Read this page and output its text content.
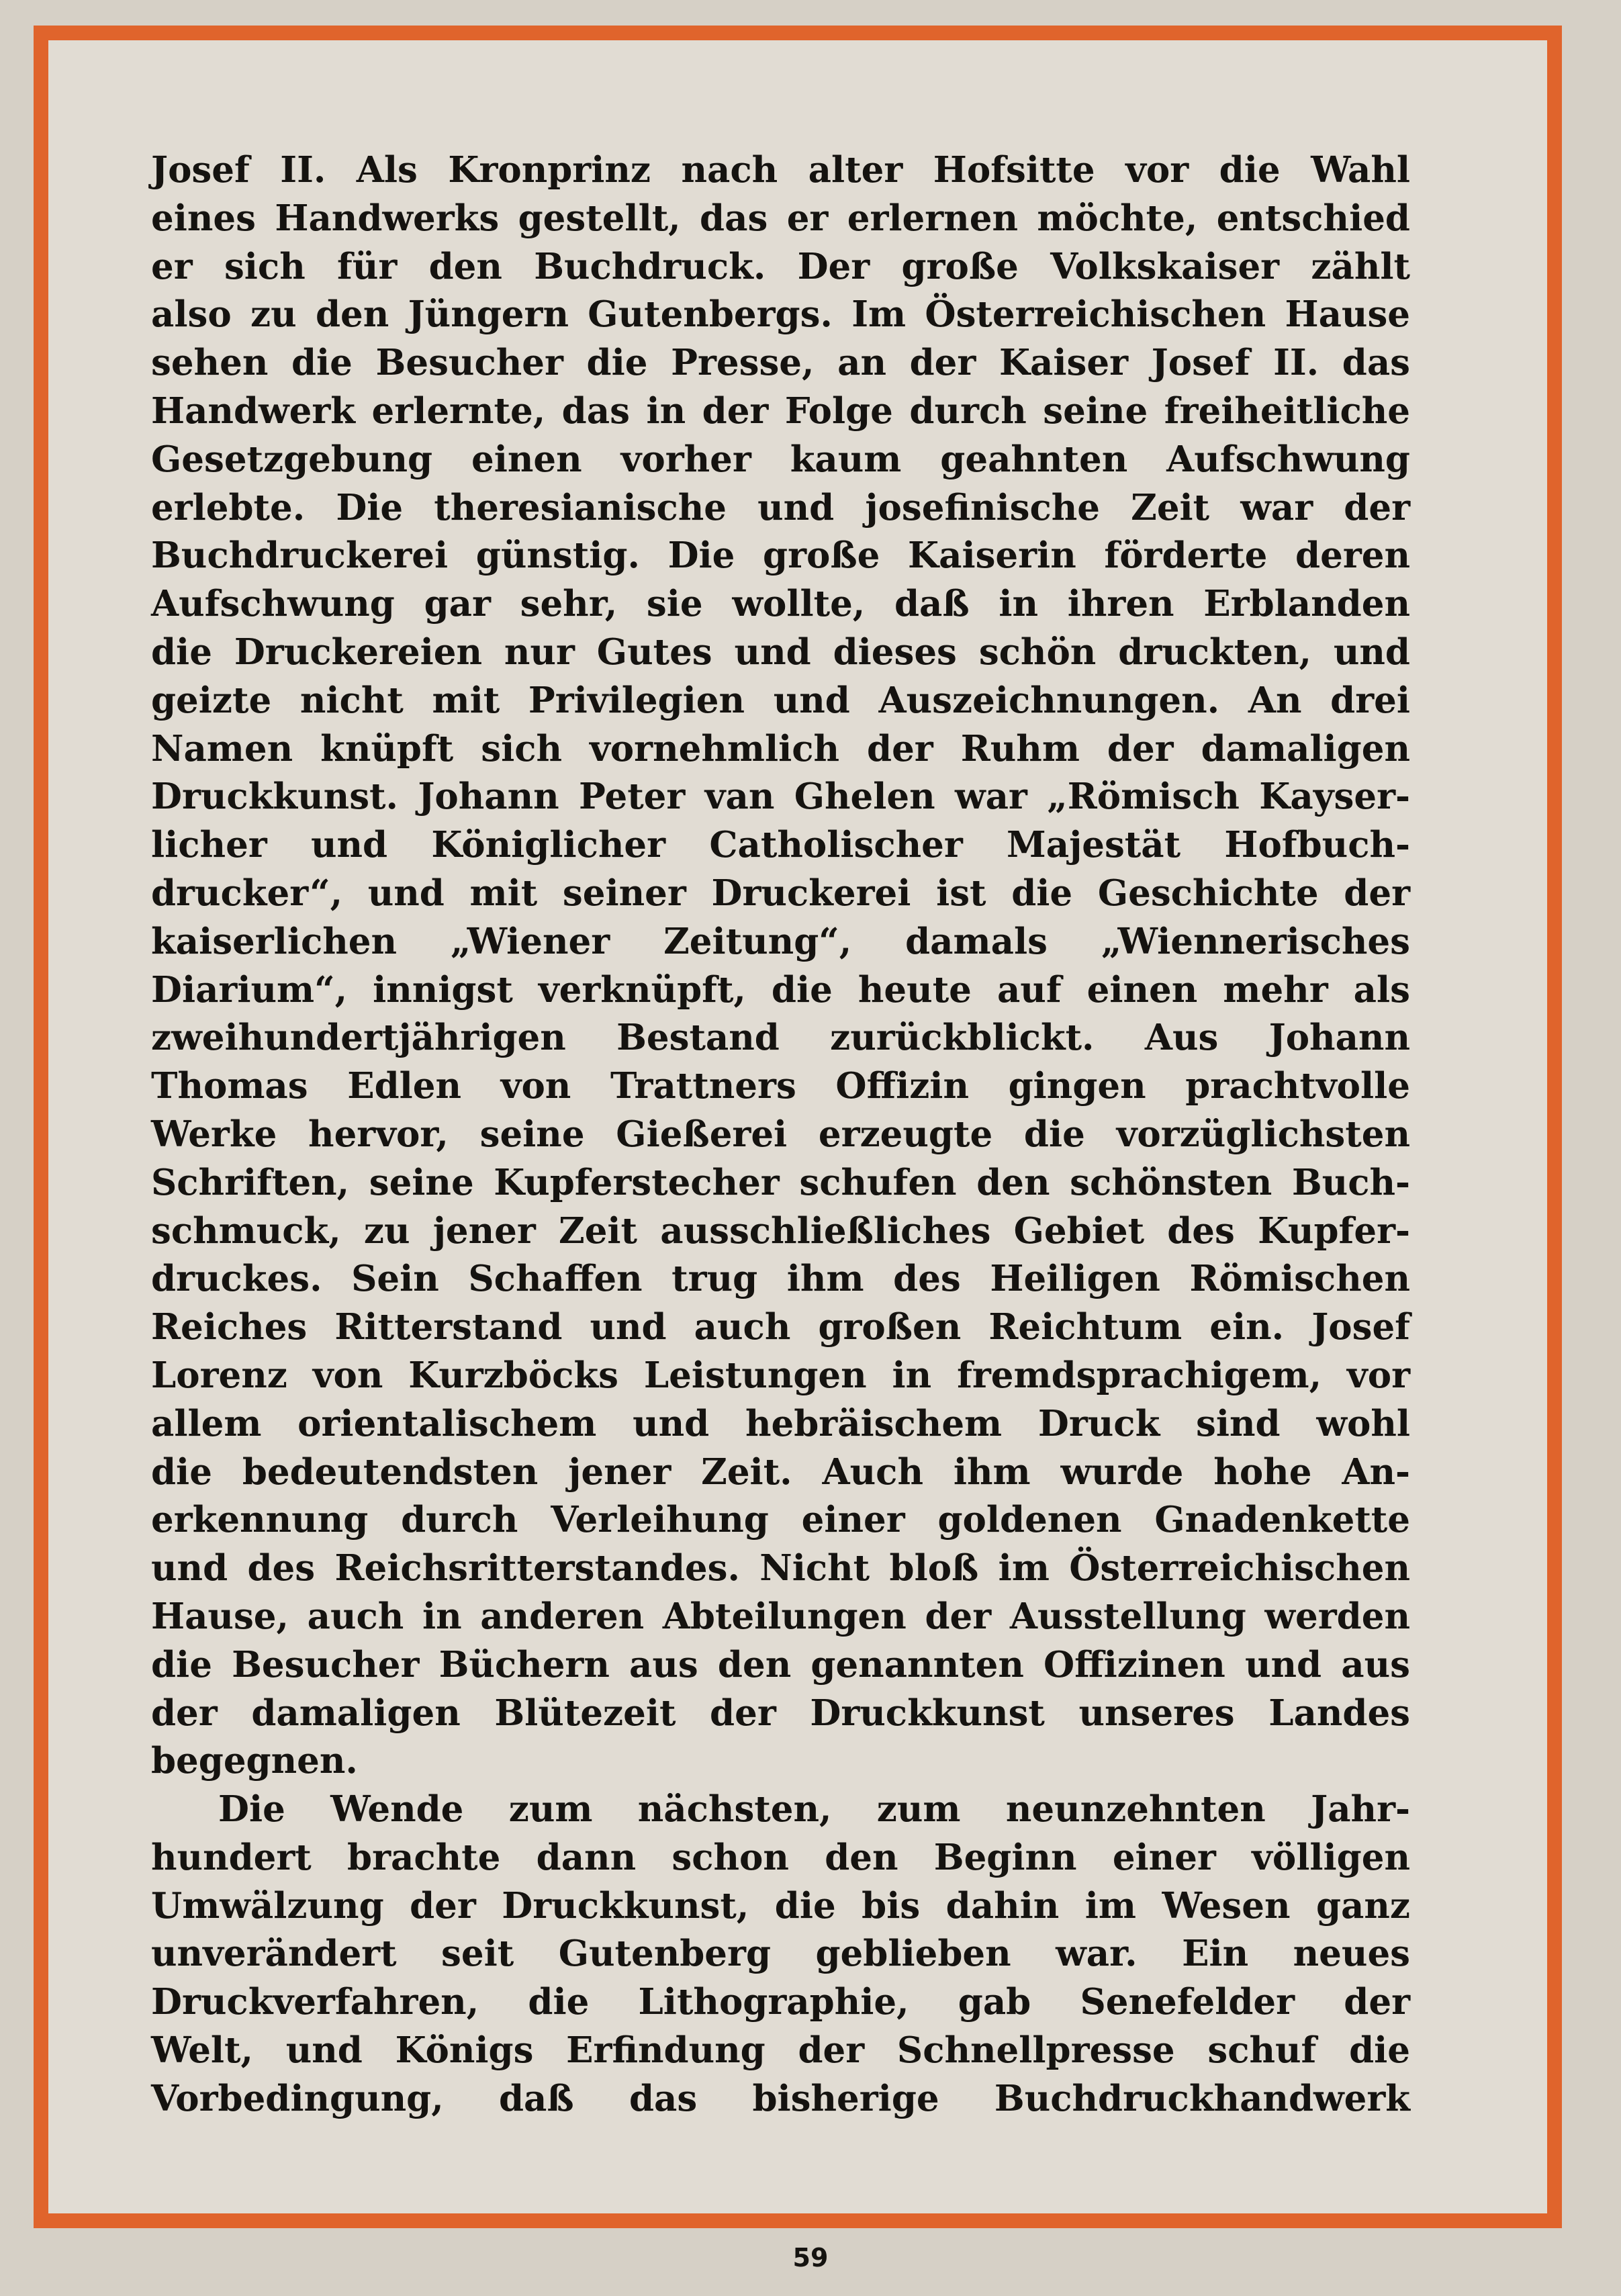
Josef II. Als Kronprinz nach alter Hofsitte vor die Wahl
eines Handwerks gestellt, das er erlernen möchte, entschied
er sich für den Buchdruck. Der große Volkskaiser zählt
also zu den Jüngern Gutenbergs. Im Österreichischen Hause
sehen die Besucher die Presse, an der Kaiser Josef II. das
Handwerk erlernte, das in der Folge durch seine freiheitliche
Gesetzgebung einen vorher kaum geahnten Aufschwung
erlebte. Die theresianische und josefinische Zeit war der
Buchdruckerei günstig. Die große Kaiserin förderte deren
Aufschwung gar sehr, sie wollte, daß in ihren Erblanden
die Druckereien nur Gutes und dieses schön druckten, und
geizte nicht mit Privilegien und Auszeichnungen. An drei
Namen knüpft sich vornehmlich der Ruhm der damaligen
Druckkunst. Johann Peter van Ghelen war „Römisch Kayser-
licher und Königlicher Catholischer Majestät Hofbuch-
drucker“, und mit seiner Druckerei ist die Geschichte der
kaiserlichen „Wiener Zeitung“, damals „Wiennerisches
Diarium“, innigst verknüpft, die heute auf einen mehr als
zweihundertjährigen Bestand zurückblickt. Aus Johann
Thomas Edlen von Trattners Offizin gingen prachtvolle
Werke hervor, seine Gießerei erzeugte die vorzüglichsten
Schriften, seine Kupferstecher schufen den schönsten Buch-
schmuck, zu jener Zeit ausschließliches Gebiet des Kupfer-
druckes. Sein Schaffen trug ihm des Heiligen Römischen
Reiches Ritterstand und auch großen Reichtum ein. Josef
Lorenz von Kurzböcks Leistungen in fremdsprachigem, vor
allem orientalischem und hebräischem Druck sind wohl
die bedeutendsten jener Zeit. Auch ihm wurde hohe An-
erkennung durch Verleihung einer goldenen Gnadenkette
und des Reichsritterstandes. Nicht bloß im Österreichischen
Hause, auch in anderen Abteilungen der Ausstellung werden
die Besucher Büchern aus den genannten Offizinen und aus
der damaligen Blütezeit der Druckkunst unseres Landes
begegnen.
Die Wende zum nächsten, zum neunzehnten Jahr-
hundert brachte dann schon den Beginn einer völligen
Umwälzung der Druckkunst, die bis dahin im Wesen ganz
unverändert seit Gutenberg geblieben war. Ein neues
Druckverfahren, die Lithographie, gab Senefelder der
Welt, und Königs Erfindung der Schnellpresse schuf die
Vorbedingung, daß das bisherige Buchdruckhandwerk
59
